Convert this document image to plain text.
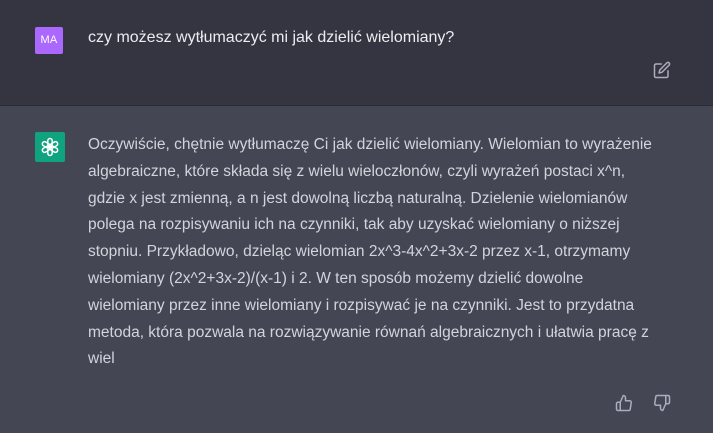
MA	czy możesz wytłumaczyć mi jak dzielić wielomiany?
Oczywiście, chętnie wytłumaczę Ci jak dzielić wielomiany. Wielomian to wyrażenie
algebraiczne, które składa się z wielu wieloczłonów, czyli wyrażeń postaci x^n,
gdzie x jest zmienną, a n jest dowolną liczbą naturalną. Dzielenie wielomianów
polega na rozpisywaniu ich na czynniki, tak aby uzyskać wielomiany o niższej
stopniu. Przykładowo, dzieląc wielomian 2x^3-4x^2+3x-2 przez x-1, otrzymamy
wielomiany (2x^2+3x-2)/(x-1) i 2. W ten sposób możemy dzielić dowolne
wielomiany przez inne wielomiany i rozpisywać je na czynniki. Jest to przydatna
metoda, która pozwala na rozwiązywanie równań algebraicznych i ułatwia pracę z
wiel
